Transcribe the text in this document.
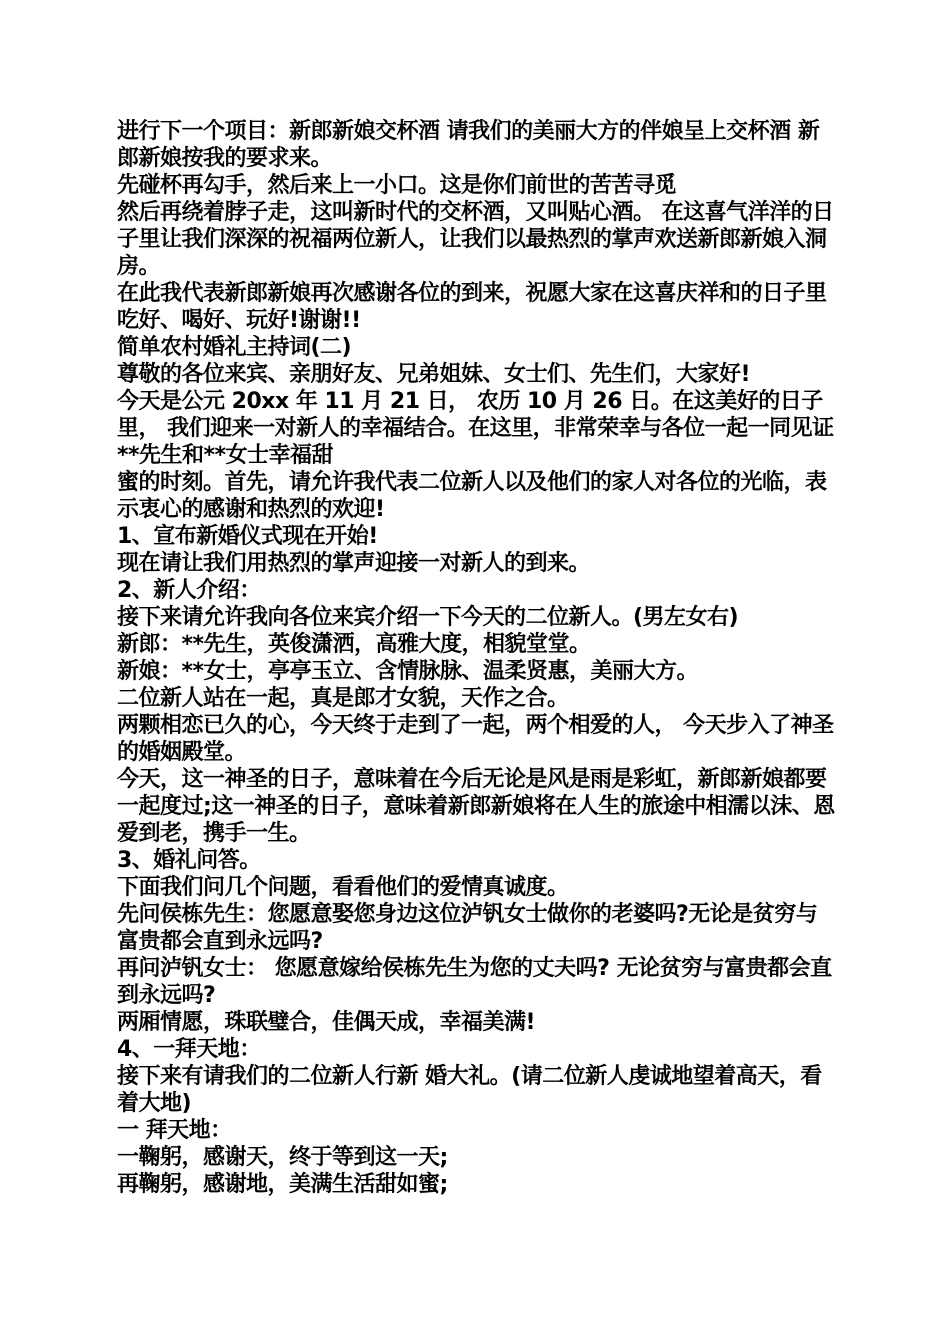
进行下一个项目：新郎新娘交杯酒 请我们的美丽大方的伴娘呈上交杯酒 新郎新娘按我的要求来。

先碰杯再勾手，然后来上一小口。这是你们前世的苦苦寻觅

然后再绕着脖子走，这叫新时代的交杯酒，又叫贴心酒。 在这喜气洋洋的日子里让我们深深的祝福两位新人，让我们以最热烈的掌声欢送新郎新娘入洞房。

在此我代表新郎新娘再次感谢各位的到来，祝愿大家在这喜庆祥和的日子里吃好、喝好、玩好!谢谢!!

简单农村婚礼主持词(二)

尊敬的各位来宾、亲朋好友、兄弟姐妹、女士们、先生们，大家好!

今天是公元 20xx 年 11 月 21 日， 农历 10 月 26 日。在这美好的日子里， 我们迎来一对新人的幸福结合。在这里，非常荣幸与各位一起一同见证**先生和**女士幸福甜

蜜的时刻。首先，请允许我代表二位新人以及他们的家人对各位的光临，表示衷心的感谢和热烈的欢迎!

1、宣布新婚仪式现在开始!

现在请让我们用热烈的掌声迎接一对新人的到来。

2、新人介绍：

接下来请允许我向各位来宾介绍一下今天的二位新人。(男左女右)

新郎：**先生，英俊潇洒，高雅大度，相貌堂堂。

新娘：**女士，亭亭玉立、含情脉脉、温柔贤惠，美丽大方。

二位新人站在一起，真是郎才女貌，天作之合。

两颗相恋已久的心，今天终于走到了一起，两个相爱的人， 今天步入了神圣的婚姻殿堂。

今天，这一神圣的日子，意味着在今后无论是风是雨是彩虹，新郎新娘都要一起度过;这一神圣的日子，意味着新郎新娘将在人生的旅途中相濡以沫、恩爱到老，携手一生。

3、婚礼问答。

下面我们问几个问题，看看他们的爱情真诚度。

先问侯栋先生：您愿意娶您身边这位泸钒女士做你的老婆吗?无论是贫穷与富贵都会直到永远吗?

再问泸钒女士： 您愿意嫁给侯栋先生为您的丈夫吗? 无论贫穷与富贵都会直到永远吗?

两厢情愿，珠联璧合，佳偶天成，幸福美满!

4、一拜天地：

接下来有请我们的二位新人行新 婚大礼。(请二位新人虔诚地望着高天，看着大地)

一 拜天地：

一鞠躬，感谢天，终于等到这一天;

再鞠躬，感谢地，美满生活甜如蜜;
